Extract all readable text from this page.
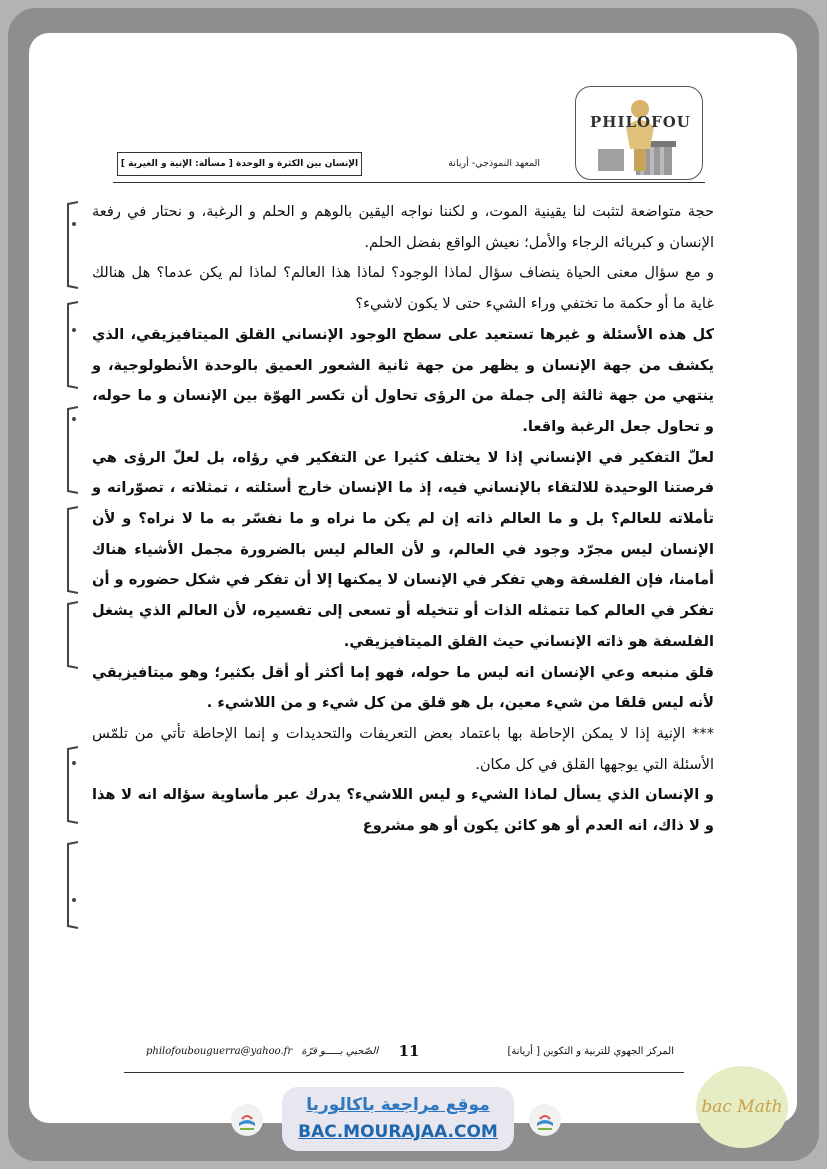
PHILOFOU
الإنسان بين الكثرة و الوحدة [ مسألة: الإنية و الغيرية ]	المعهد النموذجي- أريانة
حجة متواضعة لتثبت لنا يقينية الموت، و لكننا نواجه اليقين بالوهم و الحلم و الرغبة، و نحتار في رفعة الإنسان و كبريائه الرجاء والأمل؛ نعيش الواقع بفضل الحلم.
و مع سؤال معنى الحياة ينضاف سؤال لماذا الوجود؟ لماذا هذا العالم؟ لماذا لم يكن عدما؟ هل هنالك غاية ما أو حكمة ما تختفي وراء الشيء حتى لا يكون لاشيء؟
كل هذه الأسئلة و غيرها تستعيد على سطح الوجود الإنساني القلق الميتافيزيقي، الذي يكشف من جهة الإنسان و يظهر من جهة ثانية الشعور العميق بالوحدة الأنطولوجية، و ينتهي من جهة ثالثة إلى جملة من الرؤى تحاول أن تكسر الهوّة بين الإنسان و ما حوله، و تحاول جعل الرغبة واقعا.
لعلّ التفكير في الإنساني إذا لا يختلف كثيرا عن التفكير في رؤاه، بل لعلّ الرؤى هي فرصتنا الوحيدة للالتقاء بالإنساني فيه، إذ ما الإنسان خارج أسئلته ، تمثلاته ، تصوّراته و تأملاته للعالم؟ بل و ما العالم ذاته إن لم يكن ما نراه و ما نفسّر به ما لا نراه؟ و لأن الإنسان ليس مجرّد وجود في العالم، و لأن العالم ليس بالضرورة مجمل الأشياء هناك أمامنا، فإن الفلسفة وهي تفكر في الإنسان لا يمكنها إلا أن تفكر في شكل حضوره و أن تفكر في العالم كما تتمثله الذات أو تتخيله أو تسعى إلى تفسيره، لأن العالم الذي يشغل الفلسفة هو ذاته الإنساني حيث القلق الميتافيزيقي.
قلق منبعه وعي الإنسان انه ليس ما حوله، فهو إما أكثر أو أقل بكثير؛ وهو ميتافيزيقي لأنه ليس قلقا من شيء معين، بل هو قلق من كل شيء و من اللاشيء .
*** الإنية إذا لا يمكن الإحاطة بها باعتماد بعض التعريفات والتحديدات و إنما الإحاطة تأتي من تلمّس الأسئلة التي يوجهها القلق في كل مكان.
و الإنسان الذي يسأل لماذا الشيء و ليس اللاشيء؟ يدرك عبر مأساوية سؤاله انه لا هذا و لا ذاك، انه العدم أو هو كائن يكون أو هو مشروع
philofoubouguerra@yahoo.fr الصّحبي بـــــو قرّة	11	المركز الجهوي للتربية و التكوين [ أريانة]
موقع مراجعة باكالوريا
BAC.MOURAJAA.COM
bac Math
